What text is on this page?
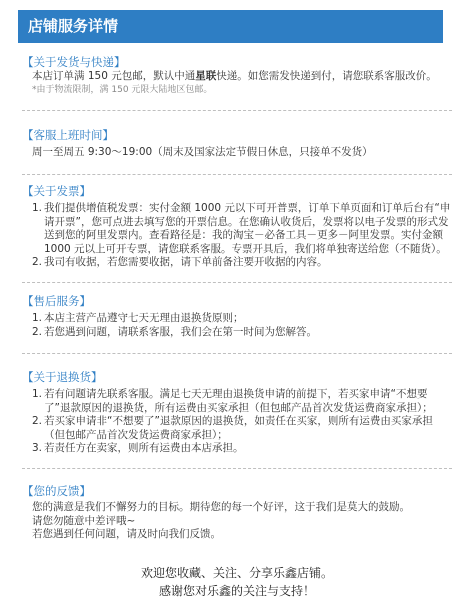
店铺服务详情
【关于发货与快递】
本店订单满 150 元包邮，默认中通星联快递。如您需发快递到付，请您联系客服改价。
*由于物流限制，满 150 元限大陆地区包邮。
【客服上班时间】
周一至周五 9:30～19:00（周末及国家法定节假日休息，只接单不发货）
【关于发票】
1. 我们提供增值税发票：实付金额 1000 元以下可开普票，订单下单页面和订单后台有“申请开票”，您可点进去填写您的开票信息。在您确认收货后，发票将以电子发票的形式发送到您的阿里发票内。查看路径是：我的淘宝－必备工具－更多－阿里发票。实付金额 1000 元以上可开专票，请您联系客服。专票开具后，我们将单独寄送给您（不随货）。
2. 我司有收据，若您需要收据，请下单前备注要开收据的内容。
【售后服务】
1. 本店主营产品遵守七天无理由退换货原则；
2. 若您遇到问题，请联系客服，我们会在第一时间为您解答。
【关于退换货】
1. 若有问题请先联系客服。满足七天无理由退换货申请的前提下，若买家申请“不想要了”退款原因的退换货，所有运费由买家承担（但包邮产品首次发货运费商家承担）；
2. 若买家申请非“不想要了”退款原因的退换货，如责任在买家，则所有运费由买家承担（但包邮产品首次发货运费商家承担）；
3. 若责任方在卖家，则所有运费由本店承担。
【您的反馈】
您的满意是我们不懈努力的目标。期待您的每一个好评，这于我们是莫大的鼓励。
请您勿随意中差评哦~
若您遇到任何问题，请及时向我们反馈。
欢迎您收藏、关注、分享乐鑫店铺。
感谢您对乐鑫的关注与支持！
